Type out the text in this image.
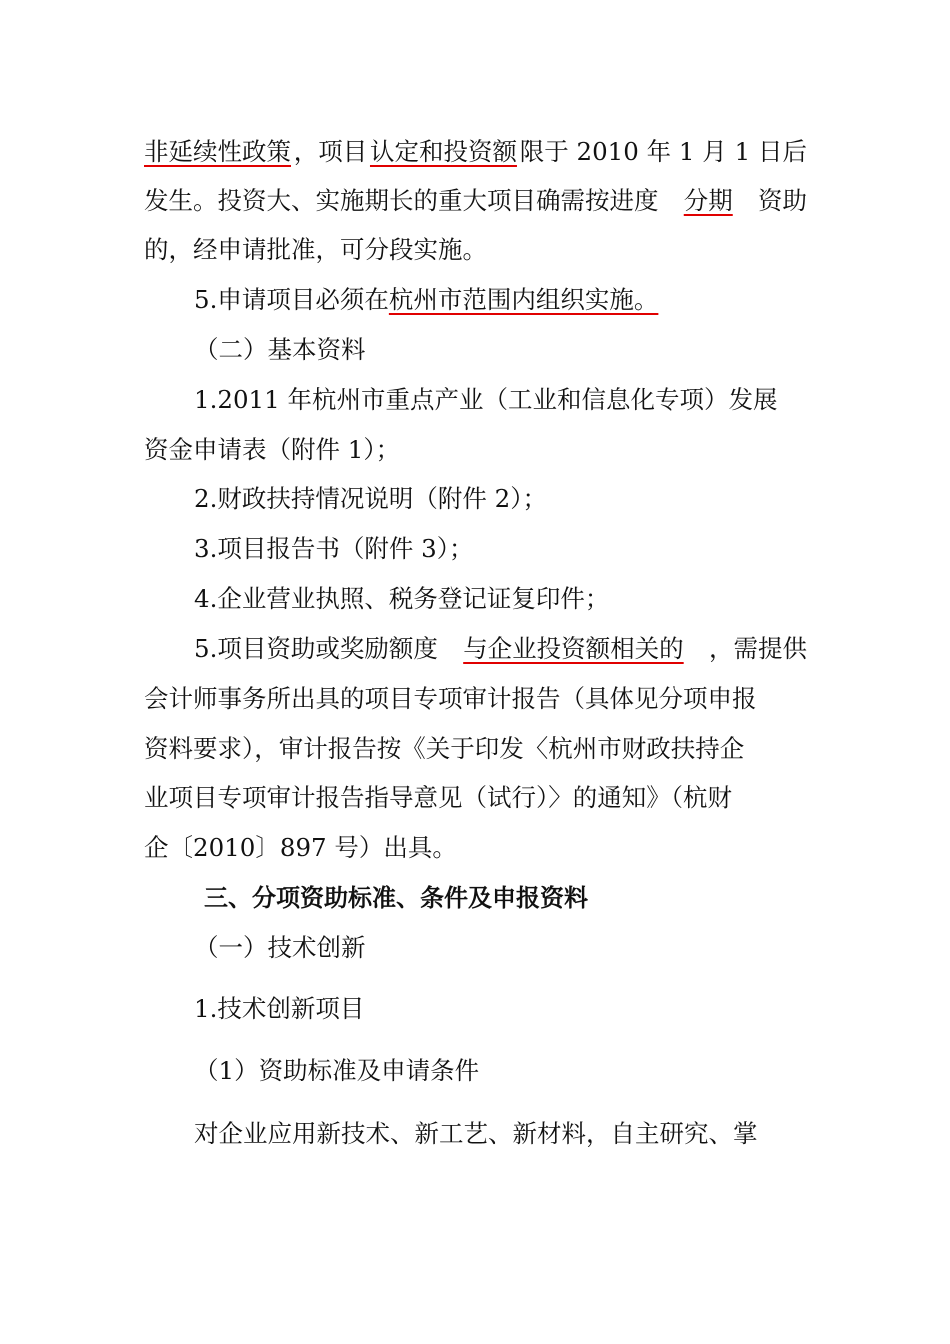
非延续性政策 ，项目 认定和投资额 限于 2010 年 1 月 1 日后
发生。投资大、实施期长的重大项目确需按进度 分期 资助
的，经申请批准，可分段实施。
5.申请项目必须在杭州市范围内组织实施。
（二）基本资料
1.2011 年杭州市重点产业（工业和信息化专项）发展
资金申请表（附件 1）；
2.财政扶持情况说明（附件 2）；
3.项目报告书（附件 3）；
4.企业营业执照、税务登记证复印件；
5.项目资助或奖励额度 与企业投资额相关的 ，需提供
会计师事务所出具的项目专项审计报告（具体见分项申报
资料要求），审计报告按《关于印发〈杭州市财政扶持企
业项目专项审计报告指导意见（试行）〉的通知》（杭财
企〔2010〕897 号）出具。
三、分项资助标准、条件及申报资料
（一）技术创新
1.技术创新项目
（1）资助标准及申请条件
对企业应用新技术、新工艺、新材料，自主研究、掌
